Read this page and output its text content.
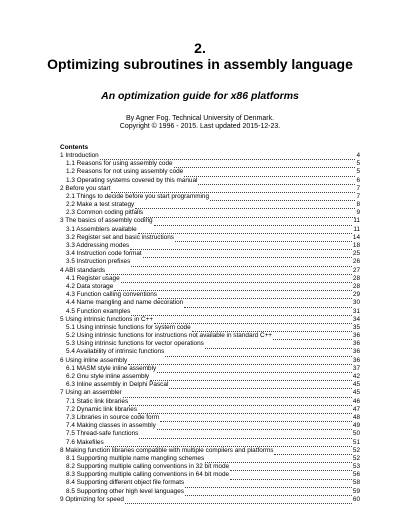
2.
Optimizing subroutines in assembly language
An optimization guide for x86 platforms
By Agner Fog. Technical University of Denmark.
Copyright © 1996 - 2015. Last updated 2015-12-23.
Contents
1 Introduction	4
1.1 Reasons for using assembly code	5
1.2 Reasons for not using assembly code	5
1.3 Operating systems covered by this manual	6
2 Before you start	7
2.1 Things to decide before you start programming	7
2.2 Make a test strategy	8
2.3 Common coding pitfalls	9
3 The basics of assembly coding	11
3.1 Assemblers available	11
3.2 Register set and basic instructions	14
3.3 Addressing modes	18
3.4 Instruction code format	25
3.5 Instruction prefixes	26
4 ABI standards	27
4.1 Register usage	28
4.2 Data storage	28
4.3 Function calling conventions	29
4.4 Name mangling and name decoration	30
4.5 Function examples	31
5 Using intrinsic functions in C++	34
5.1 Using intrinsic functions for system code	35
5.2 Using intrinsic functions for instructions not available in standard C++	36
5.3 Using intrinsic functions for vector operations	36
5.4 Availability of intrinsic functions	36
6 Using inline assembly	36
6.1 MASM style inline assembly	37
6.2 Gnu style inline assembly	42
6.3 Inline assembly in Delphi Pascal	45
7 Using an assembler	45
7.1 Static link libraries	46
7.2 Dynamic link libraries	47
7.3 Libraries in source code form	48
7.4 Making classes in assembly	49
7.5 Thread-safe functions	50
7.6 Makefiles	51
8 Making function libraries compatible with multiple compilers and platforms	52
8.1 Supporting multiple name mangling schemes	52
8.2 Supporting multiple calling conventions in 32 bit mode	53
8.3 Supporting multiple calling conventions in 64 bit mode	56
8.4 Supporting different object file formats	58
8.5 Supporting other high level languages	59
9 Optimizing for speed	60
